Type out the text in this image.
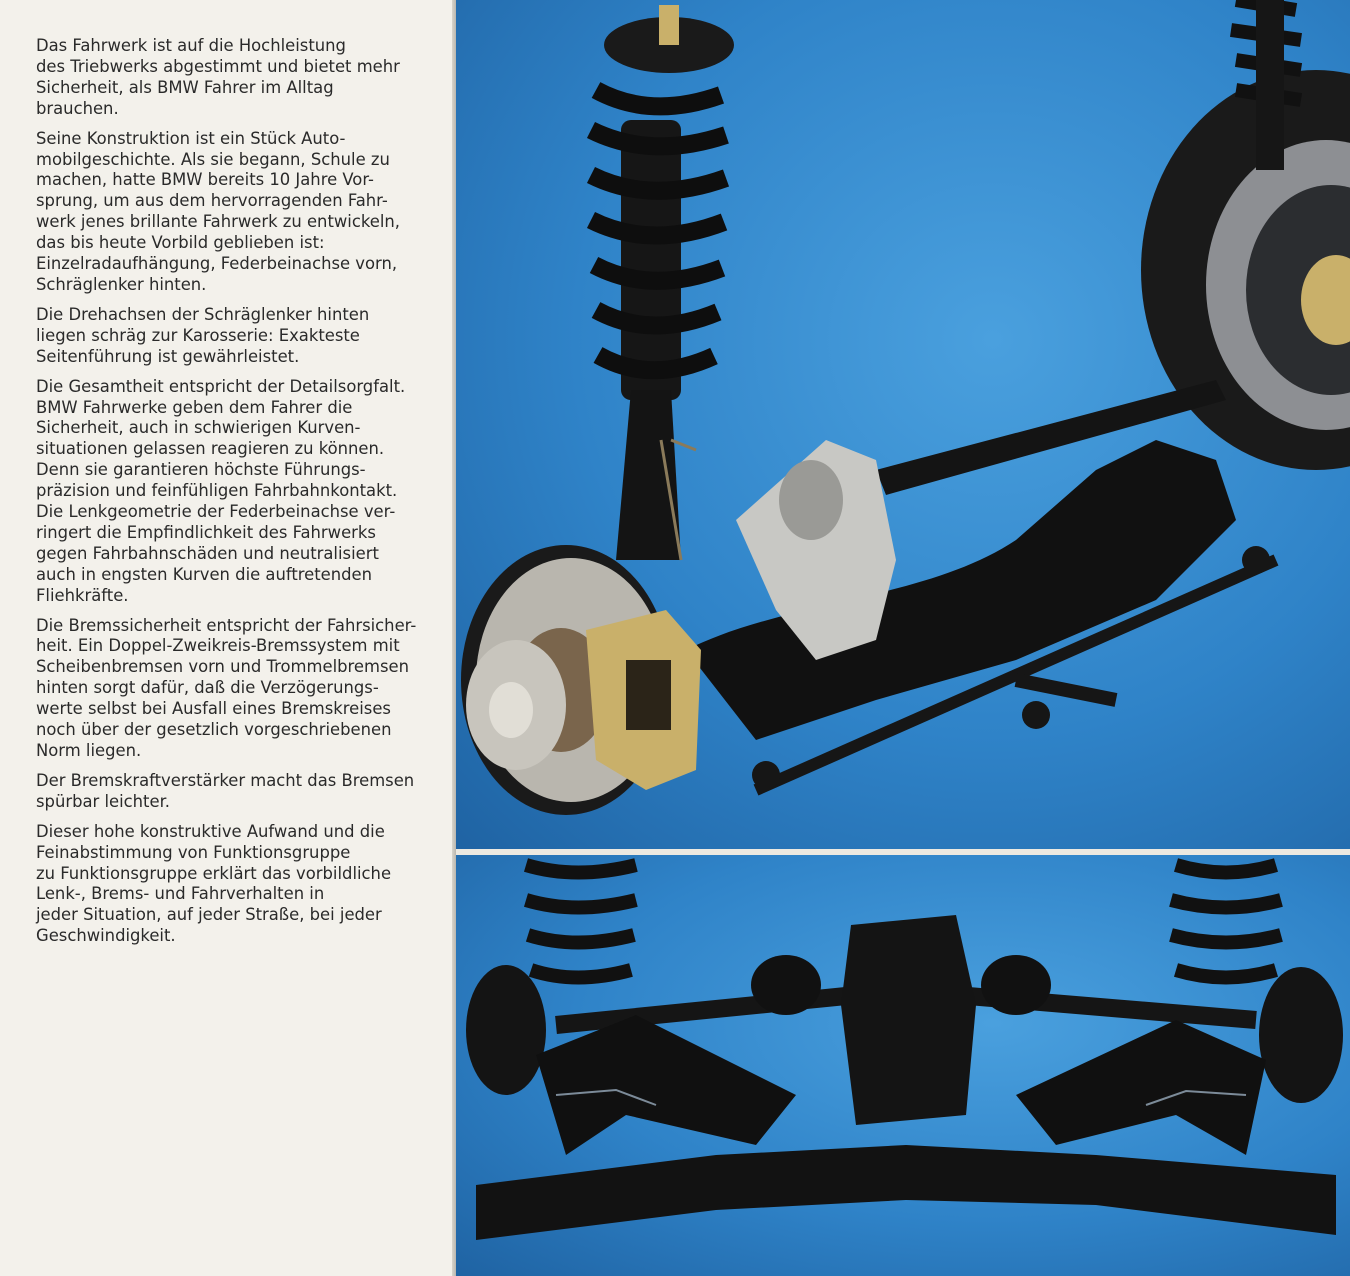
Das Fahrwerk ist auf die Hochleistung
des Triebwerks abgestimmt und bietet mehr
Sicherheit, als BMW Fahrer im Alltag
brauchen.

Seine Konstruktion ist ein Stück Auto-
mobilgeschichte. Als sie begann, Schule zu
machen, hatte BMW bereits 10 Jahre Vor-
sprung, um aus dem hervorragenden Fahr-
werk jenes brillante Fahrwerk zu entwickeln,
das bis heute Vorbild geblieben ist:
Einzelradaufhängung, Federbeinachse vorn,
Schräglenker hinten.

Die Drehachsen der Schräglenker hinten
liegen schräg zur Karosserie: Exakteste
Seitenführung ist gewährleistet.

Die Gesamtheit entspricht der Detailsorgfalt.
BMW Fahrwerke geben dem Fahrer die
Sicherheit, auch in schwierigen Kurven-
situationen gelassen reagieren zu können.
Denn sie garantieren höchste Führungs-
präzision und feinfühligen Fahrbahnkontakt.
Die Lenkgeometrie der Federbeinachse ver-
ringert die Empfindlichkeit des Fahrwerks
gegen Fahrbahnschäden und neutralisiert
auch in engsten Kurven die auftretenden
Fliehkräfte.

Die Bremssicherheit entspricht der Fahrsicher-
heit. Ein Doppel-Zweikreis-Bremssystem mit
Scheibenbremsen vorn und Trommelbremsen
hinten sorgt dafür, daß die Verzögerungs-
werte selbst bei Ausfall eines Bremskreises
noch über der gesetzlich vorgeschriebenen
Norm liegen.

Der Bremskraftverstärker macht das Bremsen
spürbar leichter.

Dieser hohe konstruktive Aufwand und die
Feinabstimmung von Funktionsgruppe
zu Funktionsgruppe erklärt das vorbildliche
Lenk-, Brems- und Fahrverhalten in
jeder Situation, auf jeder Straße, bei jeder
Geschwindigkeit.
